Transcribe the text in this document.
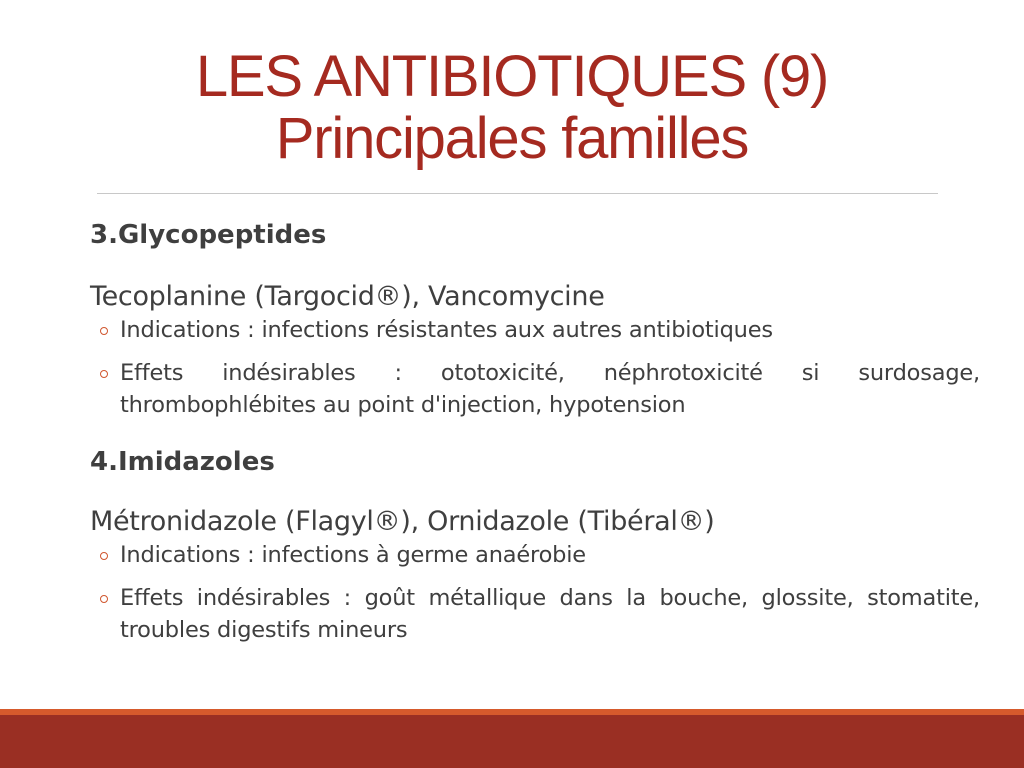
LES ANTIBIOTIQUES (9)
Principales familles
3.Glycopeptides
Tecoplanine (Targocid®), Vancomycine
Indications : infections résistantes aux autres antibiotiques
Effets indésirables : ototoxicité, néphrotoxicité si surdosage, thrombophlébites au point d'injection, hypotension
4.Imidazoles
Métronidazole (Flagyl®), Ornidazole (Tibéral®)
Indications : infections à germe anaérobie
Effets indésirables : goût métallique dans la bouche, glossite, stomatite, troubles digestifs mineurs
